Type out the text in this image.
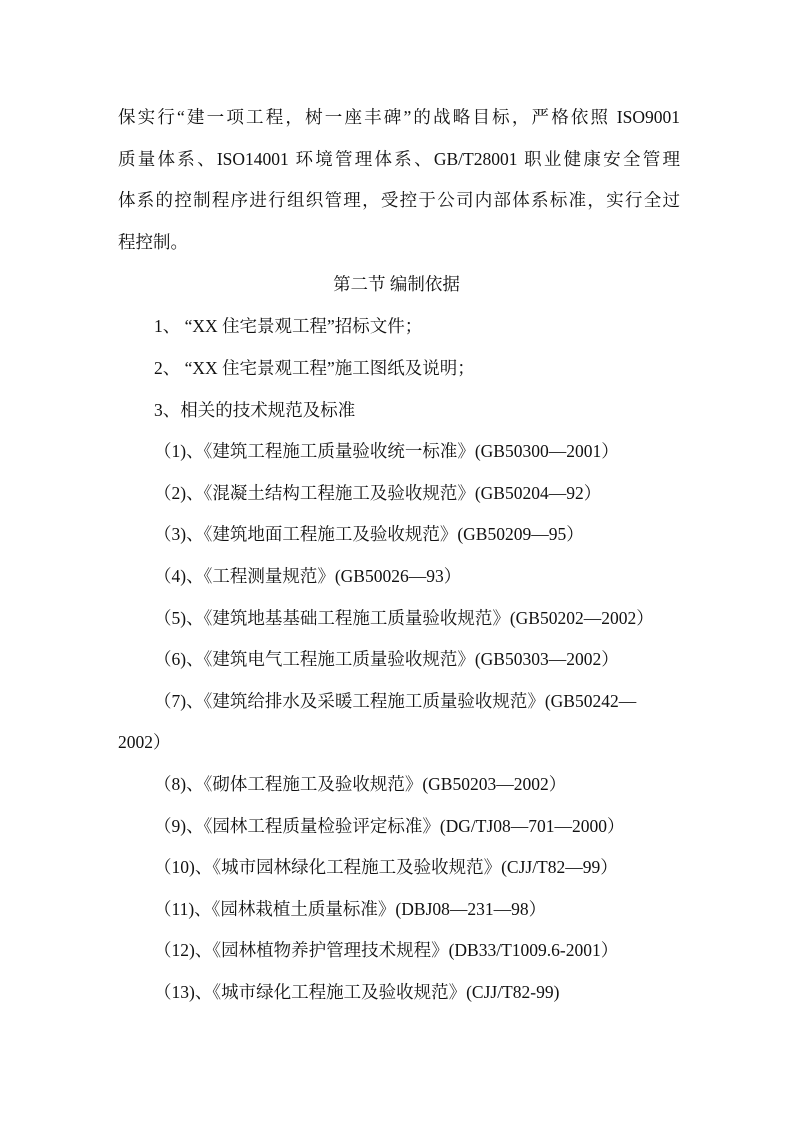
保实行“建一项工程，树一座丰碑”的战略目标，严格依照 ISO9001
质量体系、ISO14001 环境管理体系、GB/T28001 职业健康安全管理
体系的控制程序进行组织管理，受控于公司内部体系标准，实行全过
程控制。
第二节 编制依据
1、 “XX 住宅景观工程”招标文件；
2、 “XX 住宅景观工程”施工图纸及说明；
3、相关的技术规范及标准
（1)、《建筑工程施工质量验收统一标准》(GB50300—2001）
（2)、《混凝土结构工程施工及验收规范》(GB50204—92）
（3)、《建筑地面工程施工及验收规范》(GB50209—95）
（4)、《工程测量规范》(GB50026—93）
（5)、《建筑地基基础工程施工质量验收规范》(GB50202—2002）
（6)、《建筑电气工程施工质量验收规范》(GB50303—2002）
（7)、《建筑给排水及采暖工程施工质量验收规范》(GB50242—
2002）
（8)、《砌体工程施工及验收规范》(GB50203—2002）
（9)、《园林工程质量检验评定标准》(DG/TJ08—701—2000）
（10)、《城市园林绿化工程施工及验收规范》(CJJ/T82—99）
（11)、《园林栽植土质量标准》(DBJ08—231—98）
（12)、《园林植物养护管理技术规程》(DB33/T1009.6-2001）
（13)、《城市绿化工程施工及验收规范》(CJJ/T82-99)
